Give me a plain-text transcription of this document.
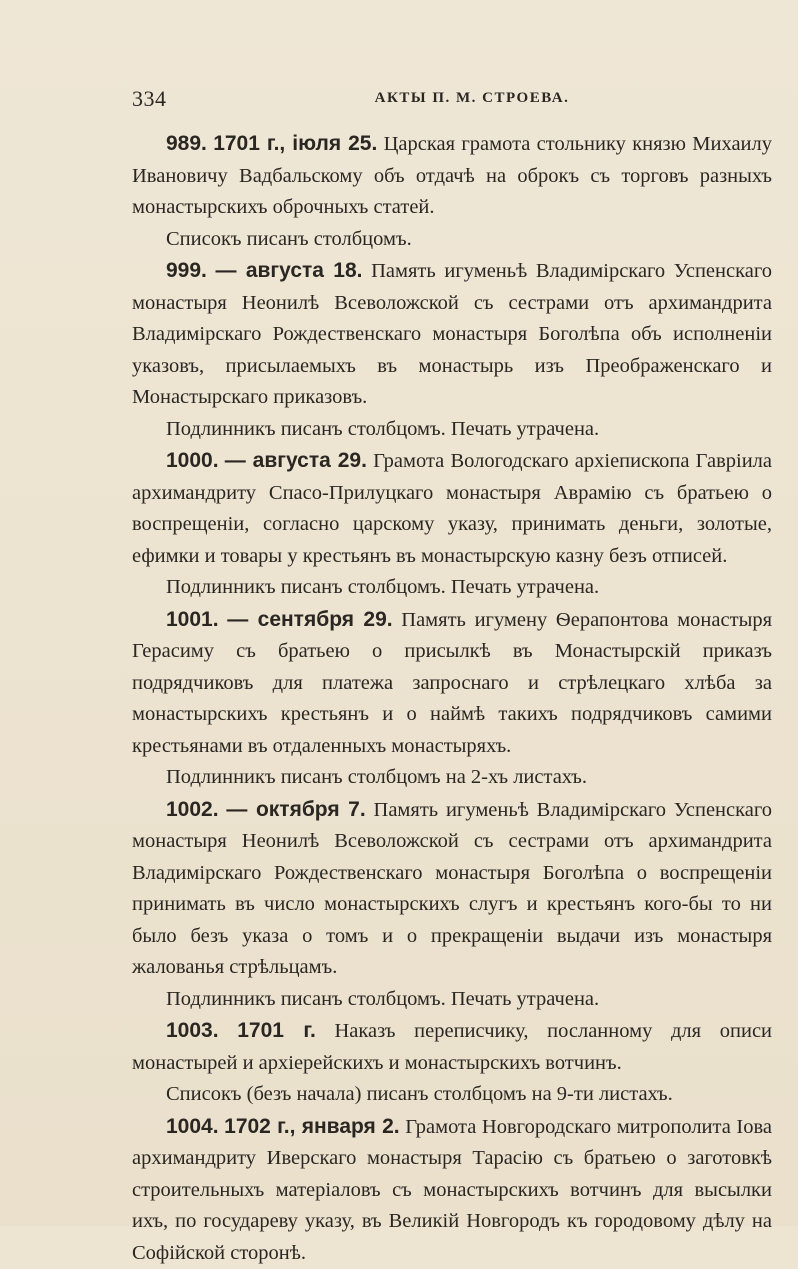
334	АКТЫ П. М. СТРОЕВА.

989. 1701 г., іюля 25. Царская грамота стольнику князю Михаилу Ивановичу Вадбальскому объ отдачѣ на оброкъ съ торговъ разныхъ монастырскихъ оброчныхъ статей.

Списокъ писанъ столбцомъ.

999. — августа 18. Память игуменьѣ Владимірскаго Успенскаго монастыря Неонилѣ Всеволожской съ сестрами отъ архимандрита Владимірскаго Рождественскаго монастыря Боголѣпа объ исполненіи указовъ, присылаемыхъ въ монастырь изъ Преображенскаго и Монастырскаго приказовъ.

Подлинникъ писанъ столбцомъ. Печать утрачена.

1000. — августа 29. Грамота Вологодскаго архіепископа Гавріила архимандриту Спасо-Прилуцкаго монастыря Аврамію съ братьею о воспрещеніи, согласно царскому указу, принимать деньги, золотые, ефимки и товары у крестьянъ въ монастырскую казну безъ отписей.

Подлинникъ писанъ столбцомъ. Печать утрачена.

1001. — сентября 29. Память игумену Ѳерапонтова монастыря Герасиму съ братьею о присылкѣ въ Монастырскій приказъ подрядчиковъ для платежа запроснаго и стрѣлецкаго хлѣба за монастырскихъ крестьянъ и о наймѣ такихъ подрядчиковъ самими крестьянами въ отдаленныхъ монастыряхъ.

Подлинникъ писанъ столбцомъ на 2-хъ листахъ.

1002. — октября 7. Память игуменьѣ Владимірскаго Успенскаго монастыря Неонилѣ Всеволожской съ сестрами отъ архимандрита Владимірскаго Рождественскаго монастыря Боголѣпа о воспрещеніи принимать въ число монастырскихъ слугъ и крестьянъ кого-бы то ни было безъ указа о томъ и о прекращеніи выдачи изъ монастыря жалованья стрѣльцамъ.

Подлинникъ писанъ столбцомъ. Печать утрачена.

1003. 1701 г. Наказъ переписчику, посланному для описи монастырей и архіерейскихъ и монастырскихъ вотчинъ.

Списокъ (безъ начала) писанъ столбцомъ на 9-ти листахъ.

1004. 1702 г., января 2. Грамота Новгородскаго митрополита Іова архимандриту Иверскаго монастыря Тарасію съ братьею о заготовкѣ строительныхъ матеріаловъ съ монастырскихъ вотчинъ для высылки ихъ, по государеву указу, въ Великій Новгородъ къ городовому дѣлу на Софійской сторонѣ.
